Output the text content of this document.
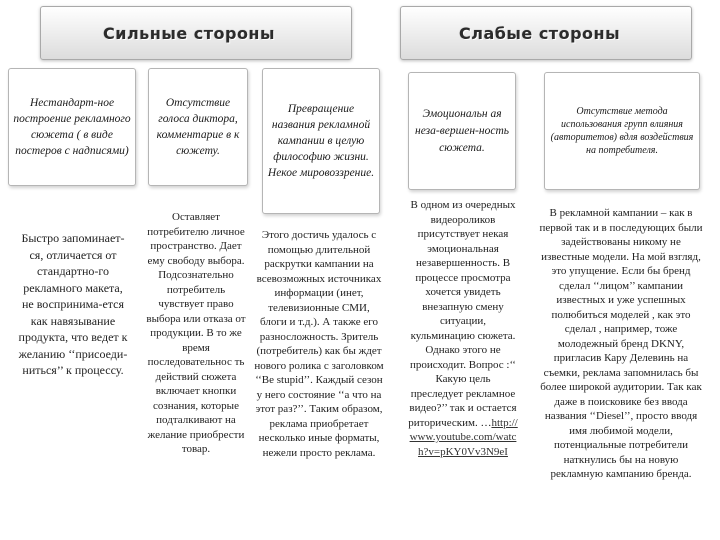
Сильные стороны	Слабые стороны
Нестандарт-ное построение рекламного сюжета ( в виде постеров с надписями)
Отсутствие голоса диктора, комментарие в к сюжету.
Превращение названия рекламной кампании в целую философию жизни. Некое мировоззрение.
Эмоциональн ая неза-вершен-ность сюжета.
Отсутствие метода использования групп влияния (авторитетов) вдля воздействия на потребителя.
Быстро запоминает-ся, отличается от стандартно-го рекламного макета, не воспринима-ется как навязывание продукта, что ведет к желанию ‘‘присоеди-ниться’’ к процессу.
Оставляет потребителю личное пространство. Дает ему свободу выбора. Подсознательно потребитель чувствует право выбора или отказа от продукции. В то же время последовательнос ть действий сюжета включает кнопки сознания, которые подталкивают на желание приобрести товар.
Этого достичь удалось с помощью длительной раскрутки кампании на всевозможных источниках информации (инет, телевизионные СМИ, блоги и т.д.). А также его разносложность. Зритель (потребитель) как бы ждет нового ролика с заголовком ‘‘Be stupid’’. Каждый сезон у него состояние ‘‘а что на этот раз?’’. Таким образом, реклама приобретает несколько иные форматы, нежели просто реклама.
В одном из очередных видеороликов присутствует некая эмоциональная незавершенность. В процессе просмотра хочется увидеть внезапную смену ситуации, кульминацию сюжета. Однако этого не происходит. Вопрос :‘‘ Какую цель преследует рекламное видео?’’ так и остается риторическим. …http://www.youtube.com/watch?v=pKY0Vv3N9eI
В рекламной кампании – как в первой так и в последующих были задействованы никому не известные модели. На мой взгляд, это упущение. Если бы бренд сделал ‘‘лицом’’ кампании известных и уже успешных полюбиться моделей , как это сделал , например, тоже молодежный бренд DKNY, пригласив Кару Делевинь на съемки, реклама запомнилась бы более широкой аудитории. Так как даже в поисковике без ввода названия ‘‘Diesel’’, просто вводя имя любимой модели, потенциальные потребители наткнулись бы на новую рекламную кампанию бренда.
